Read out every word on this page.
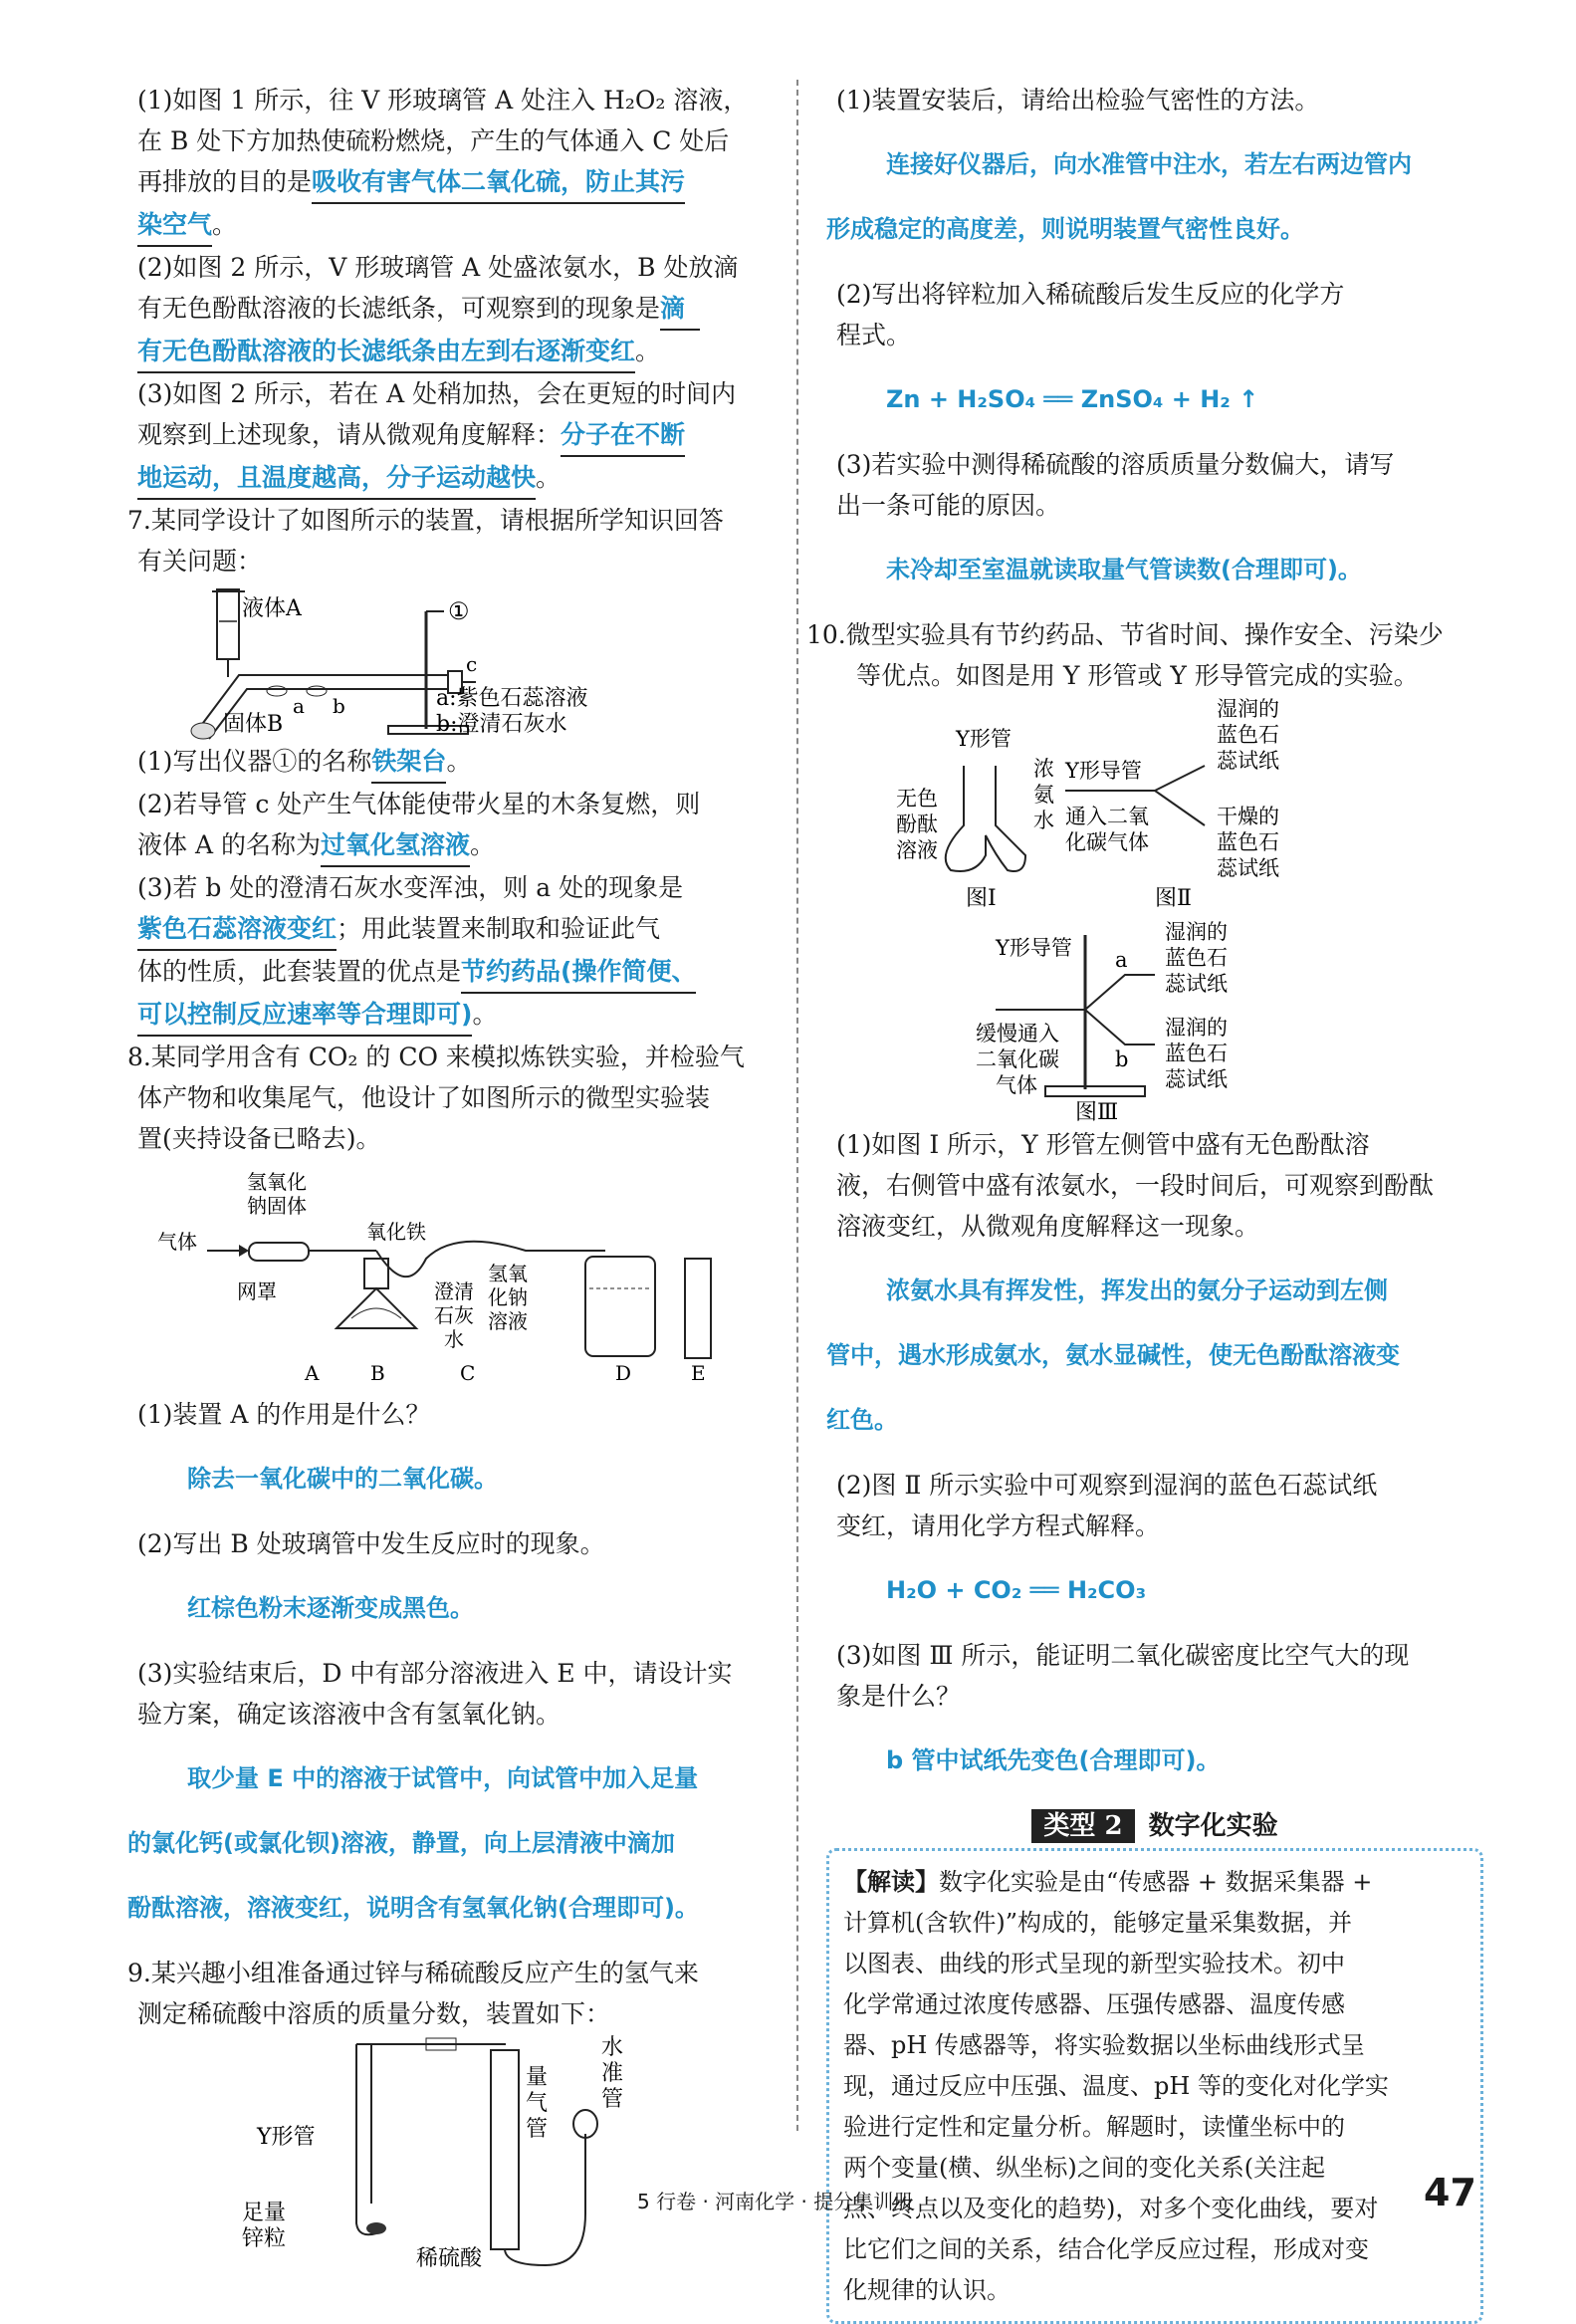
(1)如图 1 所示，往 V 形玻璃管 A 处注入 H₂O₂ 溶液，

在 B 处下方加热使硫粉燃烧，产生的气体通入 C 处后

再排放的目的是吸收有害气体二氧化硫，防止其污

染空气。

(2)如图 2 所示，V 形玻璃管 A 处盛浓氨水，B 处放滴

有无色酚酞溶液的长滤纸条，可观察到的现象是滴

有无色酚酞溶液的长滤纸条由左到右逐渐变红。

(3)如图 2 所示，若在 A 处稍加热，会在更短的时间内

观察到上述现象，请从微观角度解释：分子在不断

地运动，且温度越高，分子运动越快。

7.某同学设计了如图所示的装置，请根据所学知识回答

有关问题：

液体A	①
c
a b
固体B
a:紫色石蕊溶液
b:澄清石灰水

(1)写出仪器①的名称铁架台。

(2)若导管 c 处产生气体能使带火星的木条复燃，则

液体 A 的名称为过氧化氢溶液。

(3)若 b 处的澄清石灰水变浑浊，则 a 处的现象是

紫色石蕊溶液变红；用此装置来制取和验证此气

体的性质，此套装置的优点是节约药品(操作简便、

可以控制反应速率等合理即可)。

8.某同学用含有 CO₂ 的 CO 来模拟炼铁实验，并检验气

体产物和收集尾气，他设计了如图所示的微型实验装

置(夹持设备已略去)。

氢氧化
钠固体
气体	氧化铁
网罩	澄清
石灰
水
氢氧
化钠
溶液
A	B	C	D	E

(1)装置 A 的作用是什么？

除去一氧化碳中的二氧化碳。

(2)写出 B 处玻璃管中发生反应时的现象。

红棕色粉末逐渐变成黑色。

(3)实验结束后，D 中有部分溶液进入 E 中，请设计实

验方案，确定该溶液中含有氢氧化钠。

取少量 E 中的溶液于试管中，向试管中加入足量

的氯化钙(或氯化钡)溶液，静置，向上层清液中滴加

酚酞溶液，溶液变红，说明含有氢氧化钠(合理即可)。

9.某兴趣小组准备通过锌与稀硫酸反应产生的氢气来

测定稀硫酸中溶质的质量分数，装置如下：

Y形管
足量
锌粒
稀硫酸
量
气
管
水
准
管

(1)装置安装后，请给出检验气密性的方法。

连接好仪器后，向水准管中注水，若左右两边管内

形成稳定的高度差，则说明装置气密性良好。

(2)写出将锌粒加入稀硫酸后发生反应的化学方

程式。

Zn + H₂SO₄ ══ ZnSO₄ + H₂ ↑

(3)若实验中测得稀硫酸的溶质质量分数偏大，请写

出一条可能的原因。

未冷却至室温就读取量气管读数(合理即可)。

10.微型实验具有节约药品、节省时间、操作安全、污染少

等优点。如图是用 Y 形管或 Y 形导管完成的实验。

Y形管
无色
酚酞
溶液
浓
氨
水
图Ⅰ
Y形导管
通入二氧
化碳气体
湿润的
蓝色石
蕊试纸
干燥的
蓝色石
蕊试纸
图Ⅱ
Y形导管
缓慢通入
二氧化碳
气体
a
b
湿润的
蓝色石
蕊试纸
湿润的
蓝色石
蕊试纸
图Ⅲ

(1)如图 Ⅰ 所示，Y 形管左侧管中盛有无色酚酞溶

液，右侧管中盛有浓氨水，一段时间后，可观察到酚酞

溶液变红，从微观角度解释这一现象。

浓氨水具有挥发性，挥发出的氨分子运动到左侧

管中，遇水形成氨水，氨水显碱性，使无色酚酞溶液变

红色。

(2)图 Ⅱ 所示实验中可观察到湿润的蓝色石蕊试纸

变红，请用化学方程式解释。

H₂O + CO₂ ══ H₂CO₃

(3)如图 Ⅲ 所示，能证明二氧化碳密度比空气大的现

象是什么？

b 管中试纸先变色(合理即可)。

类型 2 数字化实验

【解读】数字化实验是由“传感器 + 数据采集器 +

计算机(含软件)”构成的，能够定量采集数据，并

以图表、曲线的形式呈现的新型实验技术。初中

化学常通过浓度传感器、压强传感器、温度传感

器、pH 传感器等，将实验数据以坐标曲线形式呈

现，通过反应中压强、温度、pH 等的变化对化学实

验进行定性和定量分析。解题时，读懂坐标中的

两个变量(横、纵坐标)之间的变化关系(关注起

点、终点以及变化的趋势)，对多个变化曲线，要对

比它们之间的关系，结合化学反应过程，形成对变

化规律的认识。

5 行卷 · 河南化学 · 提分集训册	47
